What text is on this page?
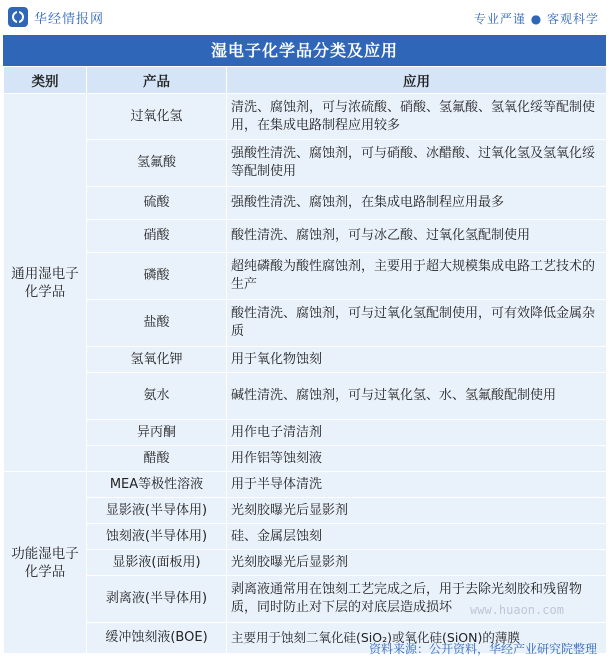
华经情报网	专业严谨 ● 客观科学
湿电子化学品分类及应用
类别	产品	应用
通用湿电子化学品	过氧化氢	清洗、腐蚀剂，可与浓硫酸、硝酸、氢氟酸、氢氧化绥等配制使用，在集成电路制程应用较多
	氢氟酸	强酸性清洗、腐蚀剂，可与硝酸、冰醋酸、过氧化氢及氢氧化绥等配制使用
	硫酸	强酸性清洗、腐蚀剂，在集成电路制程应用最多
	硝酸	酸性清洗、腐蚀剂，可与冰乙酸、过氧化氢配制使用
	磷酸	超纯磷酸为酸性腐蚀剂，主要用于超大规模集成电路工艺技术的生产
	盐酸	酸性清洗、腐蚀剂，可与过氧化氢配制使用，可有效降低金属杂质
	氢氧化钾	用于氧化物蚀刻
	氨水	碱性清洗、腐蚀剂，可与过氧化氢、水、氢氟酸配制使用
	异丙酮	用作电子清洁剂
	醋酸	用作铝等蚀刻液
功能湿电子化学品	MEA等极性溶液	用于半导体清洗
	显影液(半导体用)	光刻胶曝光后显影剂
	蚀刻液(半导体用)	硅、金属层蚀刻
	显影液(面板用)	光刻胶曝光后显影剂
	剥离液(半导体用)	剥离液通常用在蚀刻工艺完成之后，用于去除光刻胶和残留物质，同时防止对下层的对底层造成损坏
	缓冲蚀刻液(BOE)	主要用于蚀刻二氧化硅(SiO₂)或氧化硅(SiON)的薄膜
www.huaon.com
资料来源：公开资料，华经产业研究院整理
